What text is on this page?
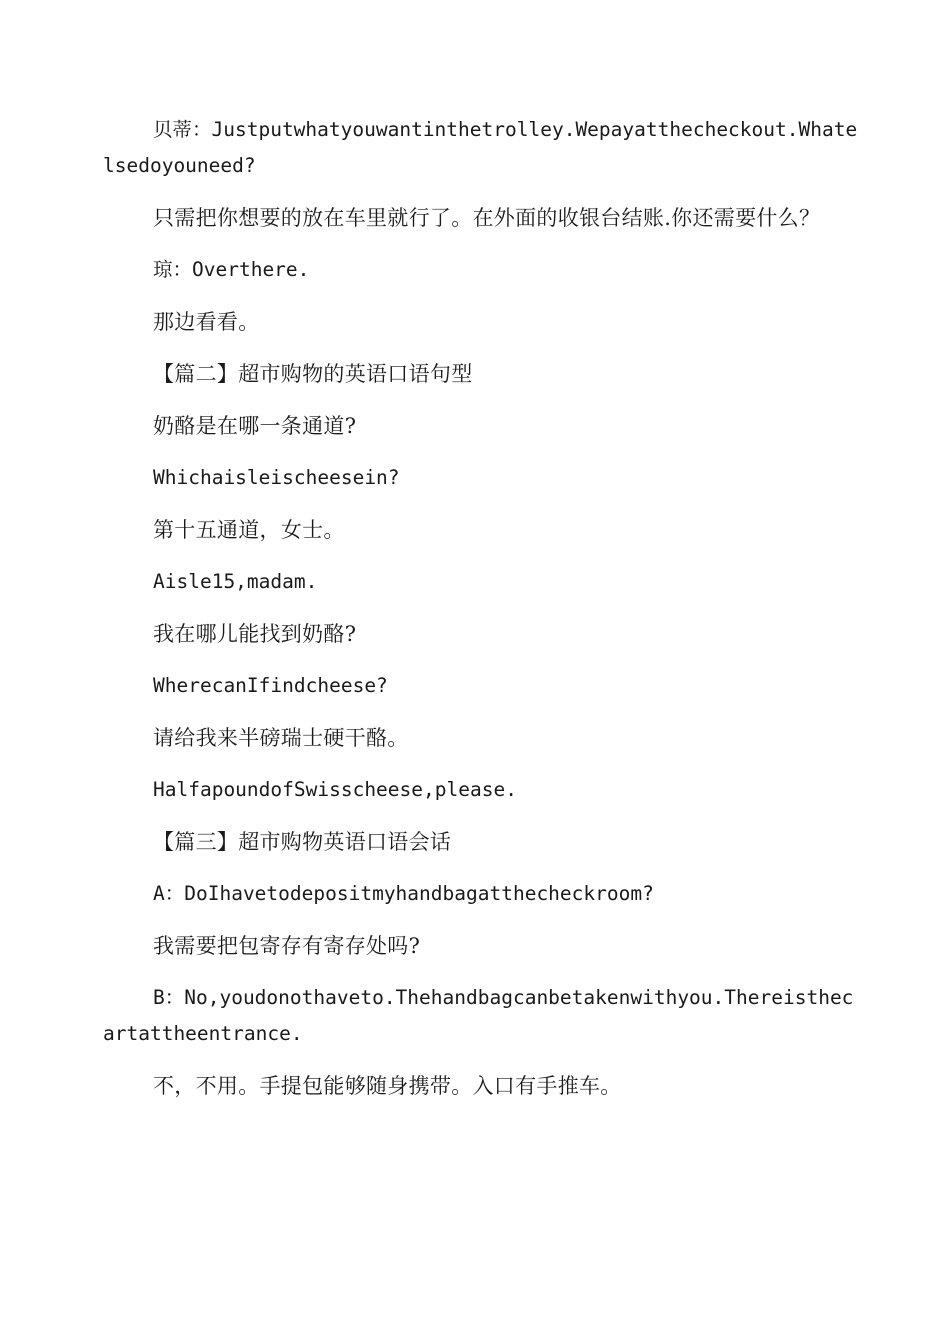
贝蒂：Justputwhatyouwantinthetrolley.Wepayatthecheckout.Whatelsedoyouneed?

只需把你想要的放在车里就行了。在外面的收银台结账.你还需要什么？

琼：Overthere.

那边看看。

【篇二】超市购物的英语口语句型

奶酪是在哪一条通道?

Whichaisleischeesein?

第十五通道，女士。

Aisle15,madam.

我在哪儿能找到奶酪?

WherecanIfindcheese?

请给我来半磅瑞士硬干酪。

HalfapoundofSwisscheese,please.

【篇三】超市购物英语口语会话

A：DoIhavetodepositmyhandbagatthecheckroom?

我需要把包寄存有寄存处吗?

B：No,youdonothaveto.Thehandbagcanbetakenwithyou.Thereisthecartattheentrance.

不，不用。手提包能够随身携带。入口有手推车。
